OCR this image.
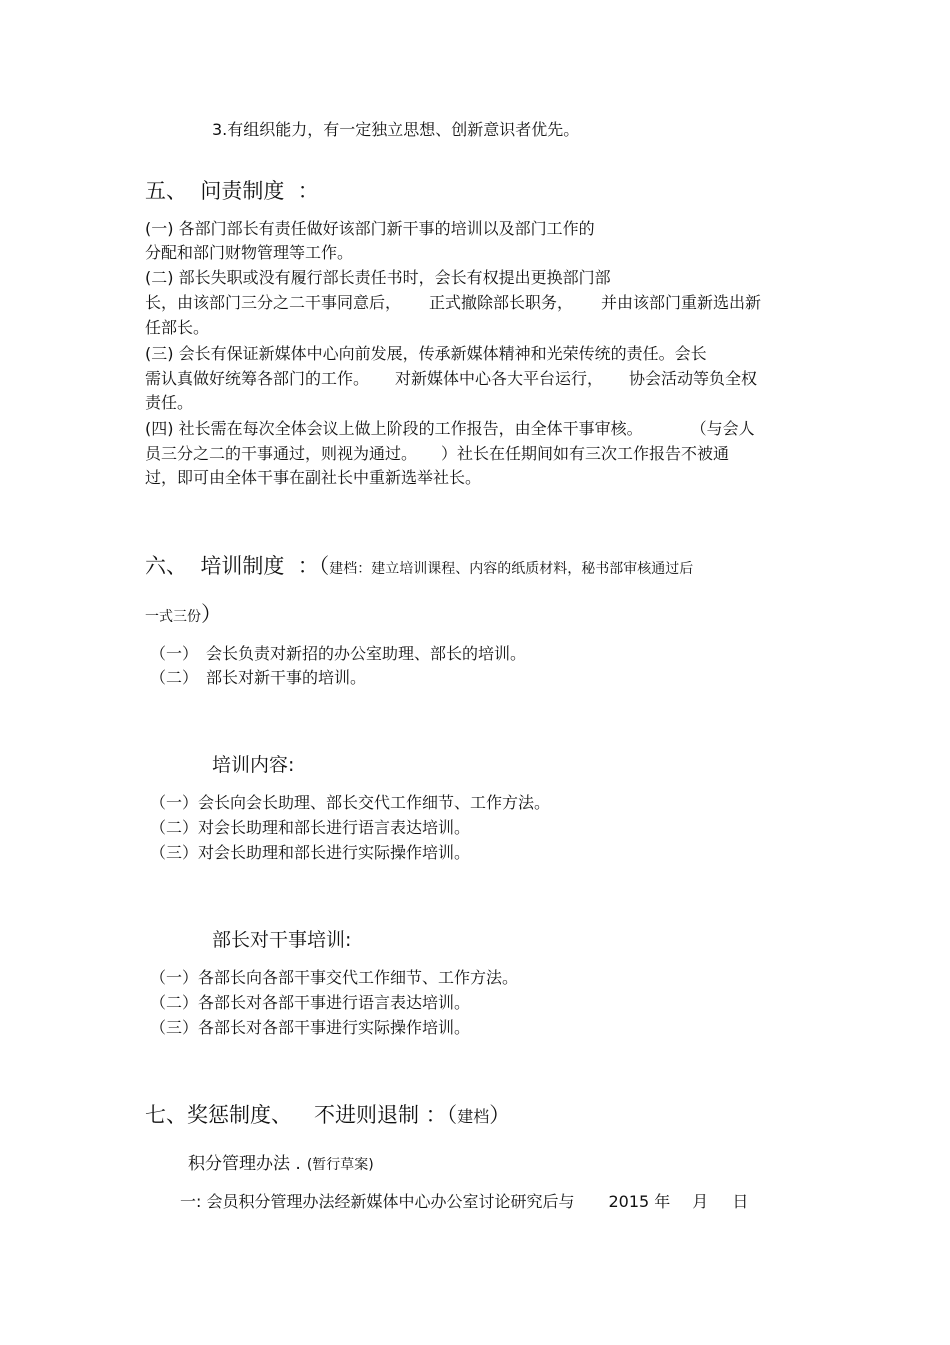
3.有组织能力，有一定独立思想、创新意识者优先。
五、  问责制度  ：
(一) 各部门部长有责任做好该部门新干事的培训以及部门工作的
分配和部门财物管理等工作。
(二) 部长失职或没有履行部长责任书时，会长有权提出更换部门部
长，由该部门三分之二干事同意后， 正式撤除部长职务， 并由该部门重新选出新
任部长。
(三) 会长有保证新媒体中心向前发展，传承新媒体精神和光荣传统的责任。会长
需认真做好统筹各部门的工作。 对新媒体中心各大平台运行， 协会活动等负全权
责任。
(四) 社长需在每次全体会议上做上阶段的工作报告，由全体干事审核。	（与会人
员三分之二的干事通过，则视为通过。 ）社长在任期间如有三次工作报告不被通
过，即可由全体干事在副社长中重新选举社长。
六、  培训制度  ：（建档：建立培训课程、内容的纸质材料，秘书部审核通过后
一式三份）
（一） 会长负责对新招的办公室助理、部长的培训。
（二） 部长对新干事的培训。
培训内容:
（一）会长向会长助理、部长交代工作细节、工作方法。
（二）对会长助理和部长进行语言表达培训。
（三）对会长助理和部长进行实际操作培训。
部长对干事培训:
（一）各部长向各部干事交代工作细节、工作方法。
（二）各部长对各部干事进行语言表达培训。
（三）各部长对各部干事进行实际操作培训。
七、奖惩制度、 不进则退制 ：（建档）
积分管理办法 . (暂行草案)
一: 会员积分管理办法经新媒体中心办公室讨论研究后与 2015 年 月 日
